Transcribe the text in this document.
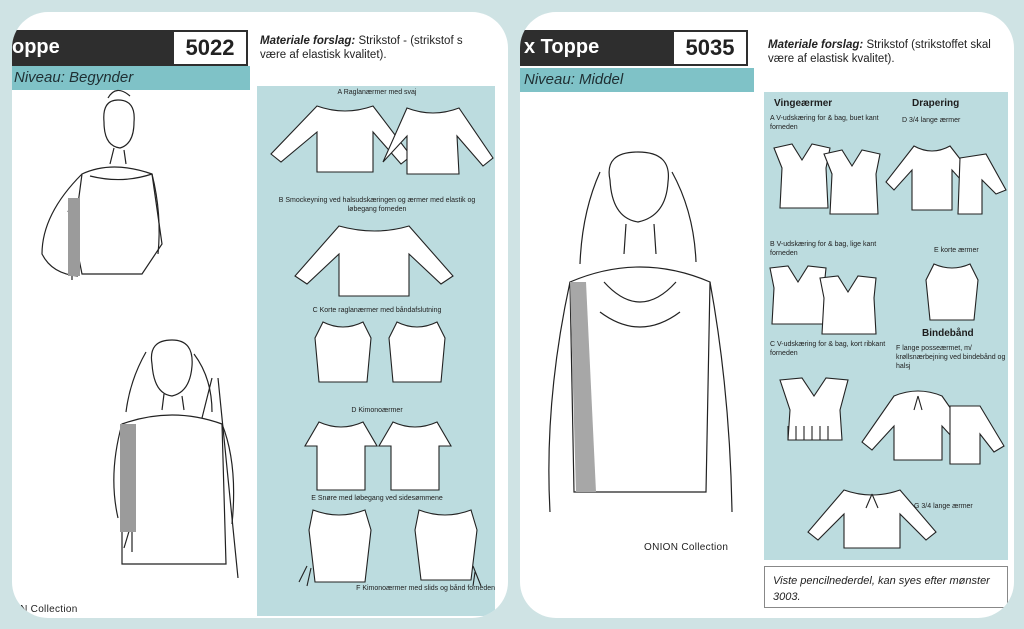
oppe	5022
Niveau: Begynder
Materiale forslag: Strikstof - (strikstof s
være af elastisk kvalitet).
ON Collection
A Raglanærmer med svaj
B Smockeyning ved halsudskæringen og ærmer med elastik og løbegang forneden
C Korte raglanærmer med båndafslutning
D Kimonoærmer
E Snøre med løbegang ved sidesømmene
F Kimonoærmer med slids og bånd forneden
x Toppe	5035
Niveau: Middel
Materiale forslag: Strikstof (strikstoffet skal
være af elastisk kvalitet).
ONION Collection
Vingeærmer	Drapering
A V-udskæring for & bag, buet kant forneden
D 3/4 lange ærmer
B V-udskæring for & bag, lige kant forneden	E korte ærmer
Bindebånd
C V-udskæring for & bag, kort ribkant forneden
F lange posseærmet, m/ krøllsnærbejning ved bindebånd og halsj
G 3/4 lange ærmer
Viste pencilnederdel, kan syes efter mønster 3003.
